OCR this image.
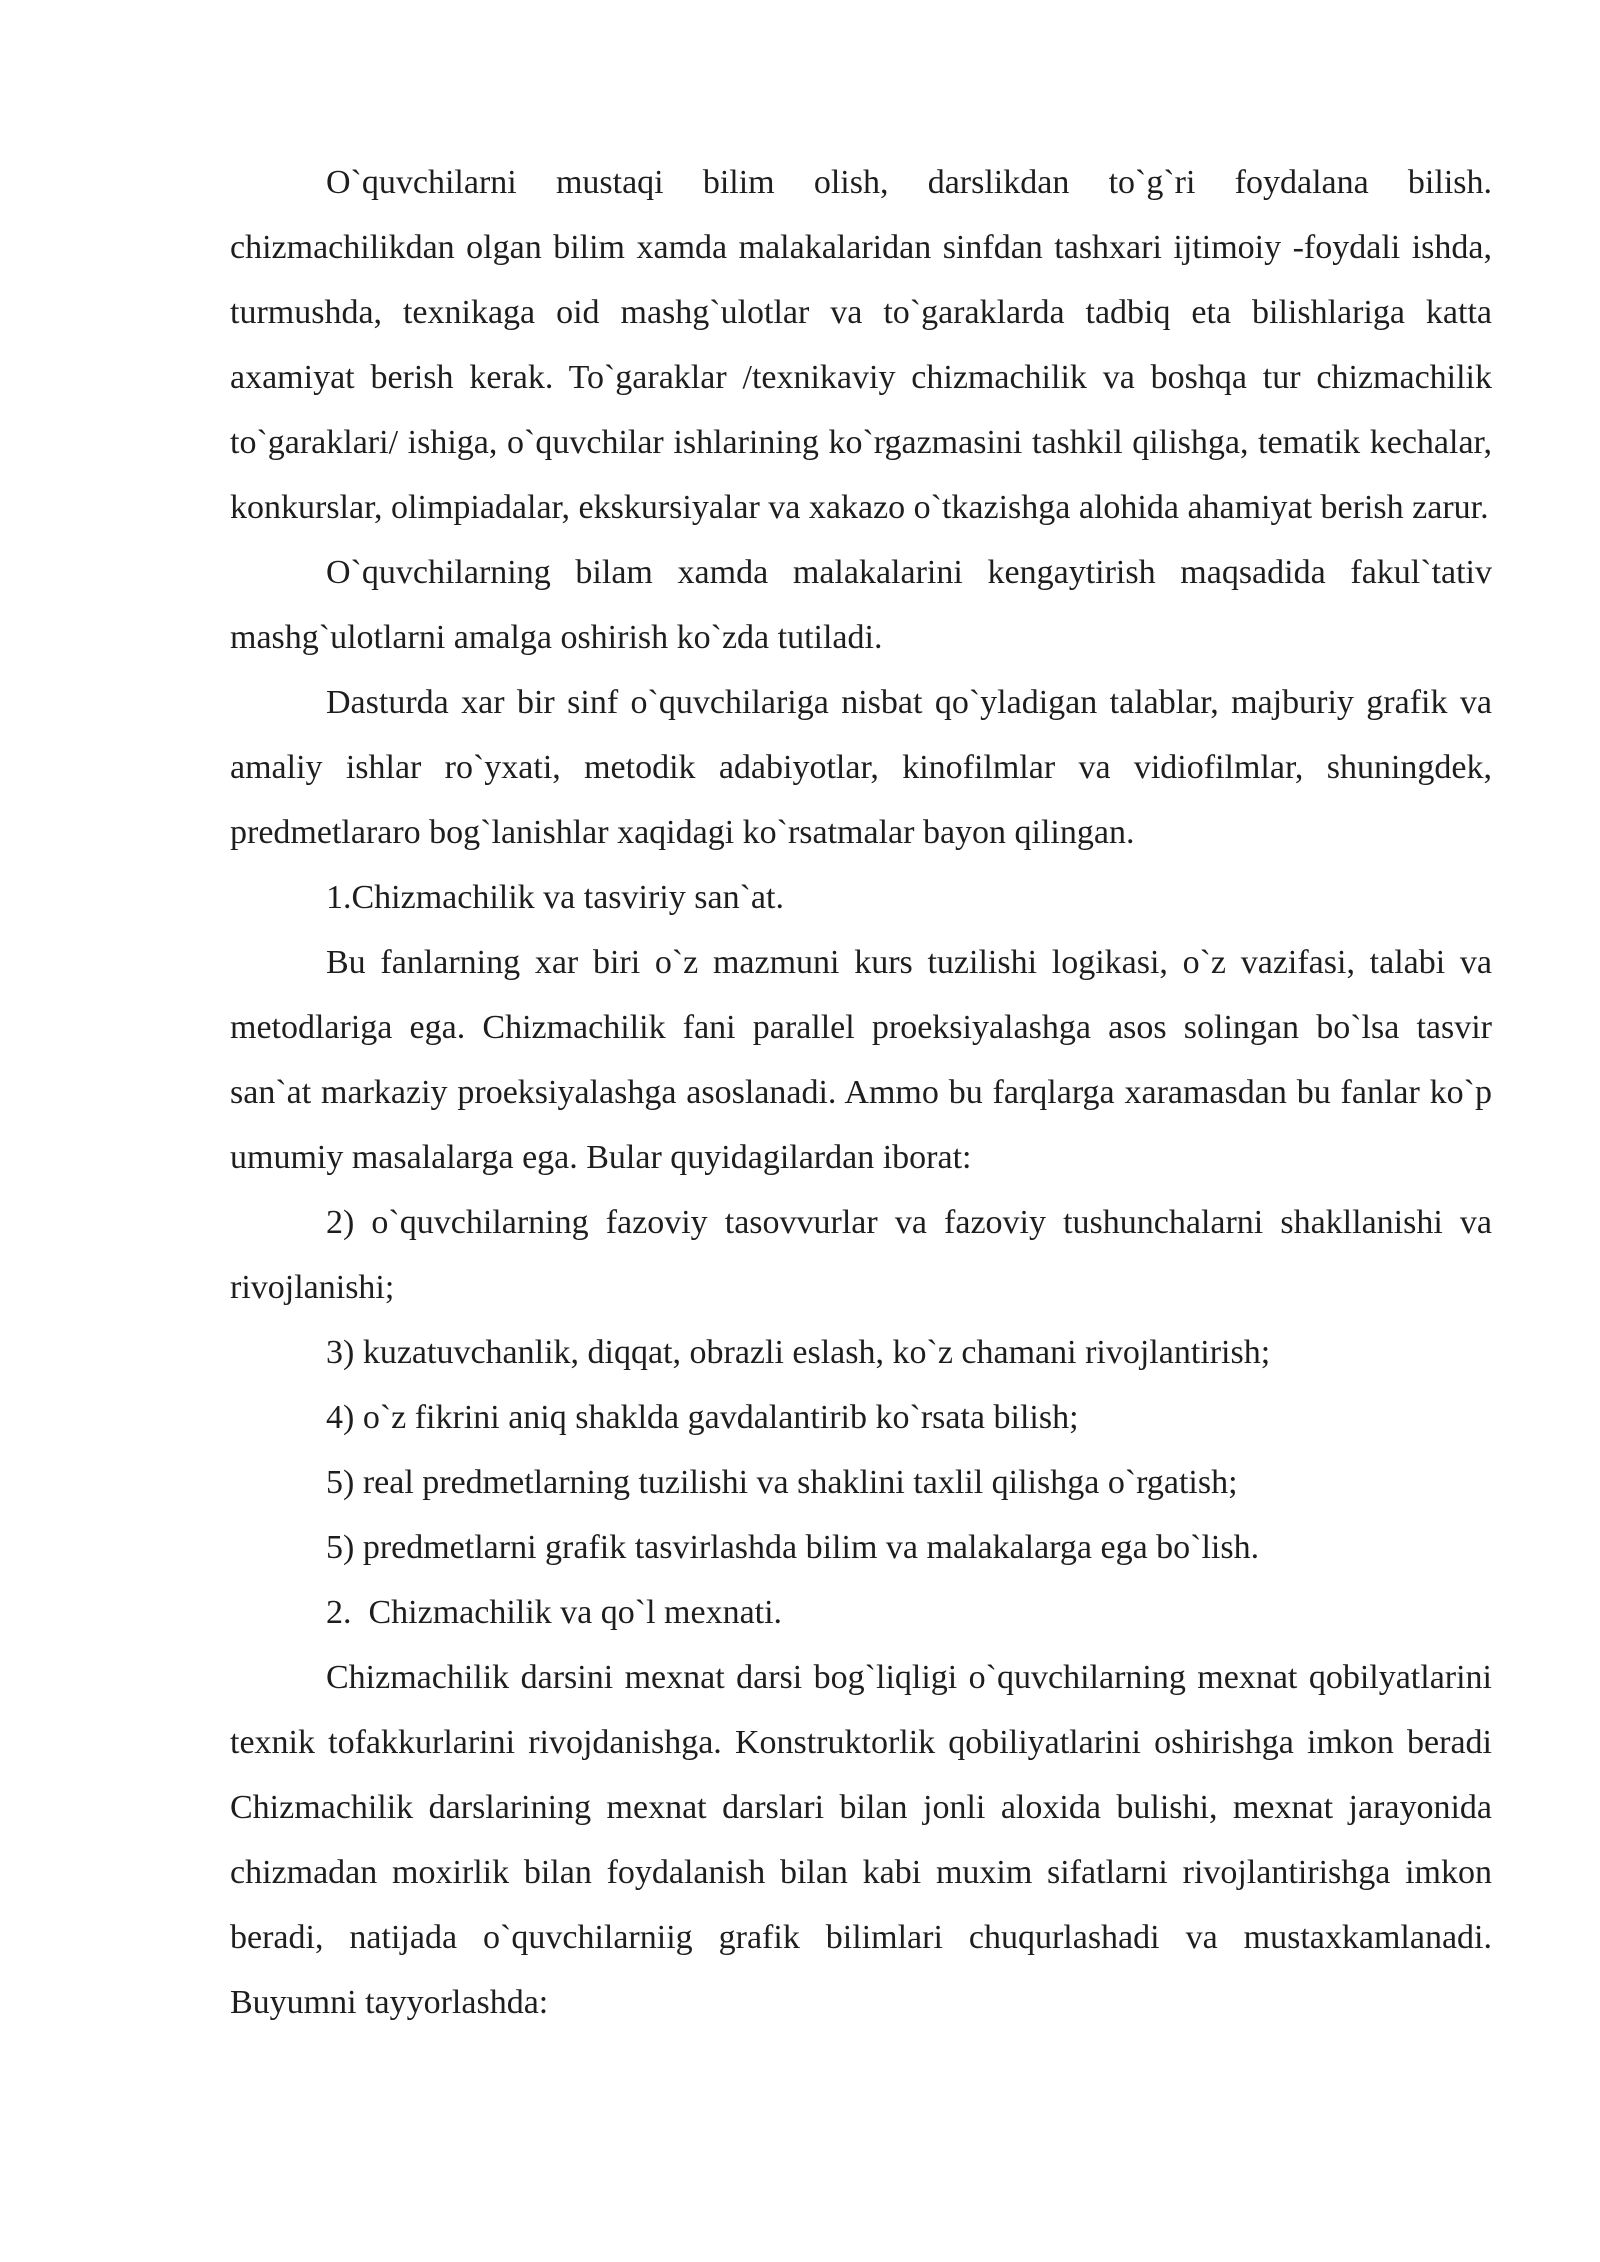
O`quvchilarni mustaqi bilim olish, darslikdan to`g`ri foydalana bilish. chizmachilikdan olgan bilim xamda malakalaridan sinfdan tashxari ijtimoiy -foydali ishda, turmushda, texnikaga oid mashg`ulotlar va to`garaklarda tadbiq eta bilishlariga katta axamiyat berish kerak. To`garaklar /texnikaviy chizmachilik va boshqa tur chizmachilik to`garaklari/ ishiga, o`quvchilar ishlarining ko`rgazmasini tashkil qilishga, tematik kechalar, konkurslar, olimpiadalar, ekskursiyalar va xakazo o`tkazishga alohida ahamiyat berish zarur.

O`quvchilarning bilam xamda malakalarini kengaytirish maqsadida fakul`tativ mashg`ulotlarni amalga oshirish ko`zda tutiladi.

Dasturda xar bir sinf o`quvchilariga nisbat qo`yladigan talablar, majburiy grafik va amaliy ishlar ro`yxati, metodik adabiyotlar, kinofilmlar va vidiofilmlar, shuningdek, predmetlararo bog`lanishlar xaqidagi ko`rsatmalar bayon qilingan.

1.Chizmachilik va tasviriy san`at.

Bu fanlarning xar biri o`z mazmuni kurs tuzilishi logikasi, o`z vazifasi, talabi va metodlariga ega. Chizmachilik fani parallel proeksiyalashga asos solingan bo`lsa tasvir san`at markaziy proeksiyalashga asoslanadi. Ammo bu farqlarga xaramasdan bu fanlar ko`p umumiy masalalarga ega. Bular quyidagilardan iborat:

2) o`quvchilarning fazoviy tasovvurlar va fazoviy tushunchalarni shakllanishi va rivojlanishi;

3) kuzatuvchanlik, diqqat, obrazli eslash, ko`z chamani rivojlantirish;

4) o`z fikrini aniq shaklda gavdalantirib ko`rsata bilish;

5) real predmetlarning tuzilishi va shaklini taxlil qilishga o`rgatish;

5) predmetlarni grafik tasvirlashda bilim va malakalarga ega bo`lish.

2.  Chizmachilik va qo`l mexnati.

Chizmachilik darsini mexnat darsi bog`liqligi o`quvchilarning mexnat qobilyatlarini texnik tofakkurlarini rivojdanishga. Konstruktorlik qobiliyatlarini oshirishga imkon beradi Chizmachilik darslarining mexnat darslari bilan jonli aloxida bulishi, mexnat jarayonida chizmadan moxirlik bilan foydalanish bilan kabi muxim sifatlarni rivojlantirishga imkon beradi, natijada o`quvchilarniig grafik bilimlari chuqurlashadi va mustaxkamlanadi. Buyumni tayyorlashda:
